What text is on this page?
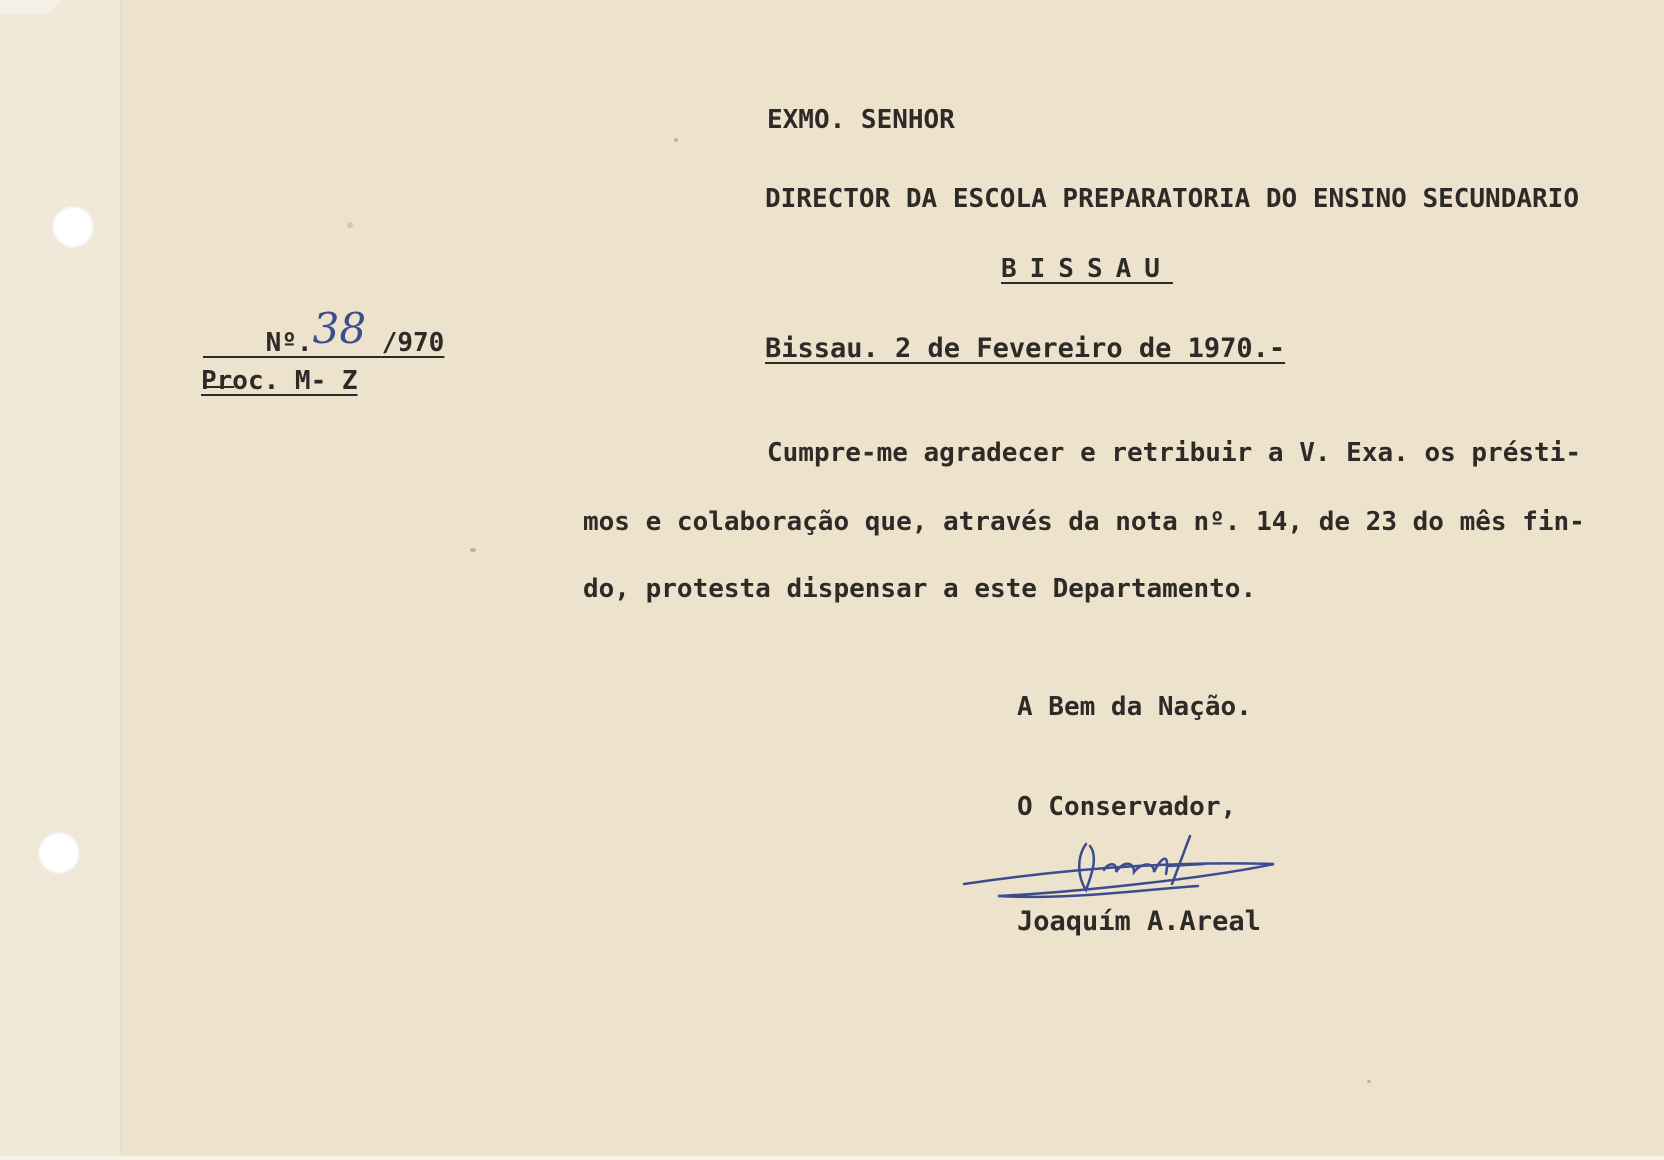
EXMO. SENHOR
DIRECTOR DA ESCOLA PREPARATORIA DO ENSINO SECUNDARIO
BISSAU

Nº.38 /970

Proc. M- Z
Bissau. 2 de Fevereiro de 1970.-
Cumpre-me agradecer e retribuir a V. Exa. os présti-
mos e colaboração que, através da nota nº. 14, de 23 do mês fin-
do, protesta dispensar a este Departamento.
A Bem da Nação.
O Conservador,
Joaquím A.Areal
